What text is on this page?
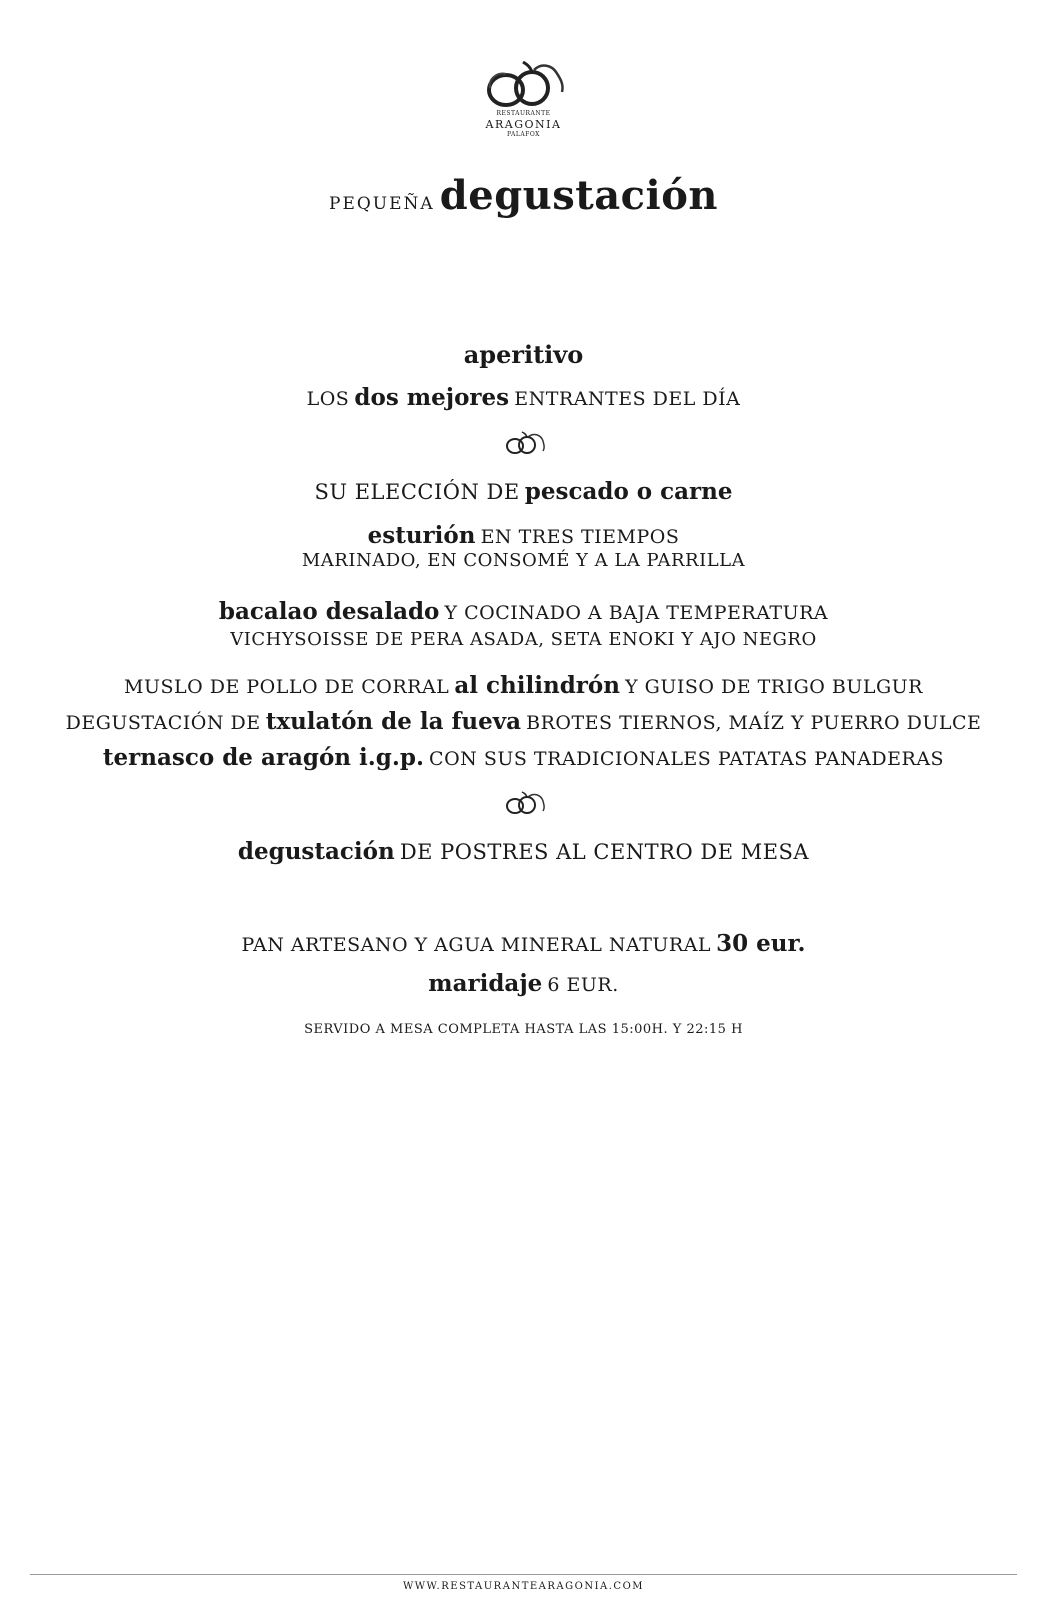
RESTAURANTE
ARAGONIA
PALAFOX
pequeña degustación
aperitivo
LOS dos mejores ENTRANTES DEL DÍA
SU ELECCIÓN DE pescado o carne
esturión EN TRES TIEMPOS
MARINADO, EN CONSOMÉ Y A LA PARRILLA
bacalao desalado Y COCINADO A BAJA TEMPERATURA
VICHYSOISSE DE PERA ASADA, SETA ENOKI Y AJO NEGRO
MUSLO DE POLLO DE CORRAL al chilindrón Y GUISO DE TRIGO BULGUR
DEGUSTACIÓN DE txulatón de la fueva BROTES TIERNOS, MAÍZ Y PUERRO DULCE
ternasco de aragón i.g.p. CON SUS TRADICIONALES PATATAS PANADERAS
degustación DE POSTRES AL CENTRO DE MESA
PAN ARTESANO Y AGUA MINERAL NATURAL 30 eur.
maridaje 6 EUR.
SERVIDO A MESA COMPLETA HASTA LAS 15:00H. Y 22:15 H
WWW.RESTAURANTEARAGONIA.COM
